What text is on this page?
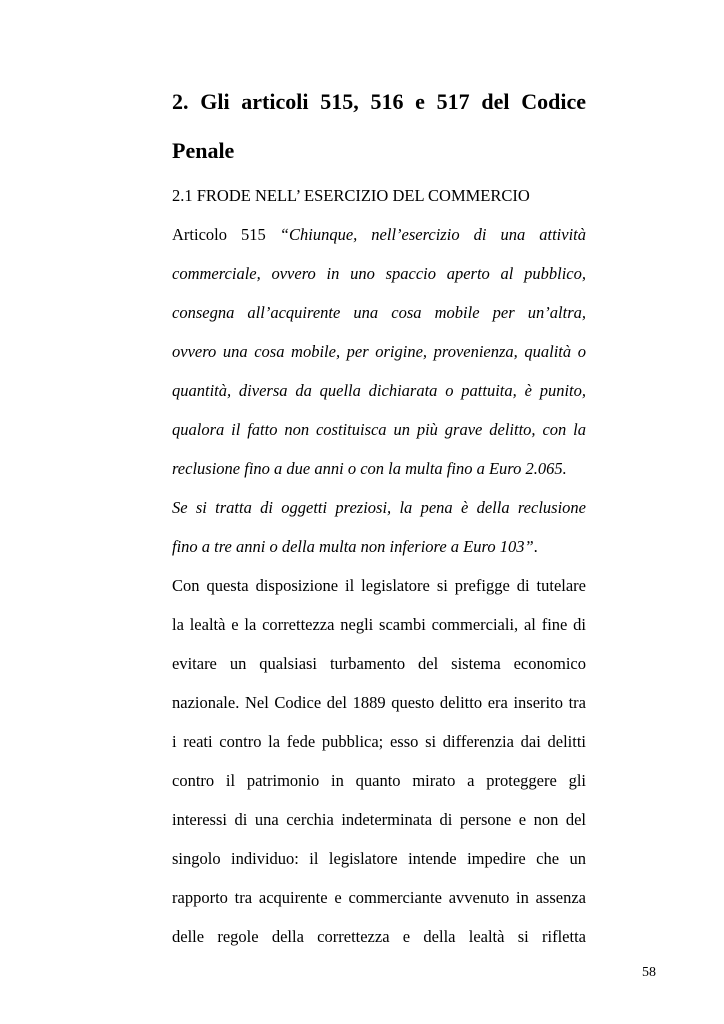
2. Gli articoli 515, 516 e 517 del Codice
Penale
2.1 FRODE NELL’ ESERCIZIO DEL COMMERCIO
Articolo 515 “Chiunque, nell’esercizio di una attività
commerciale, ovvero in uno spaccio aperto al pubblico,
consegna all’acquirente una cosa mobile per un’altra,
ovvero una cosa mobile, per origine, provenienza, qualità o
quantità, diversa da quella dichiarata o pattuita, è punito,
qualora il fatto non costituisca un più grave delitto, con la
reclusione fino a due anni o con la multa fino a Euro 2.065.
Se si tratta di oggetti preziosi, la pena è della reclusione
fino a tre anni o della multa non inferiore a Euro 103”.
Con questa disposizione il legislatore si prefigge di tutelare
la lealtà e la correttezza negli scambi commerciali, al fine di
evitare un qualsiasi turbamento del sistema economico
nazionale. Nel Codice del 1889 questo delitto era inserito tra
i reati contro la fede pubblica; esso si differenzia dai delitti
contro il patrimonio in quanto mirato a proteggere gli
interessi di una cerchia indeterminata di persone e non del
singolo individuo: il legislatore intende impedire che un
rapporto tra acquirente e commerciante avvenuto in assenza
delle regole della correttezza e della lealtà si rifletta
58
